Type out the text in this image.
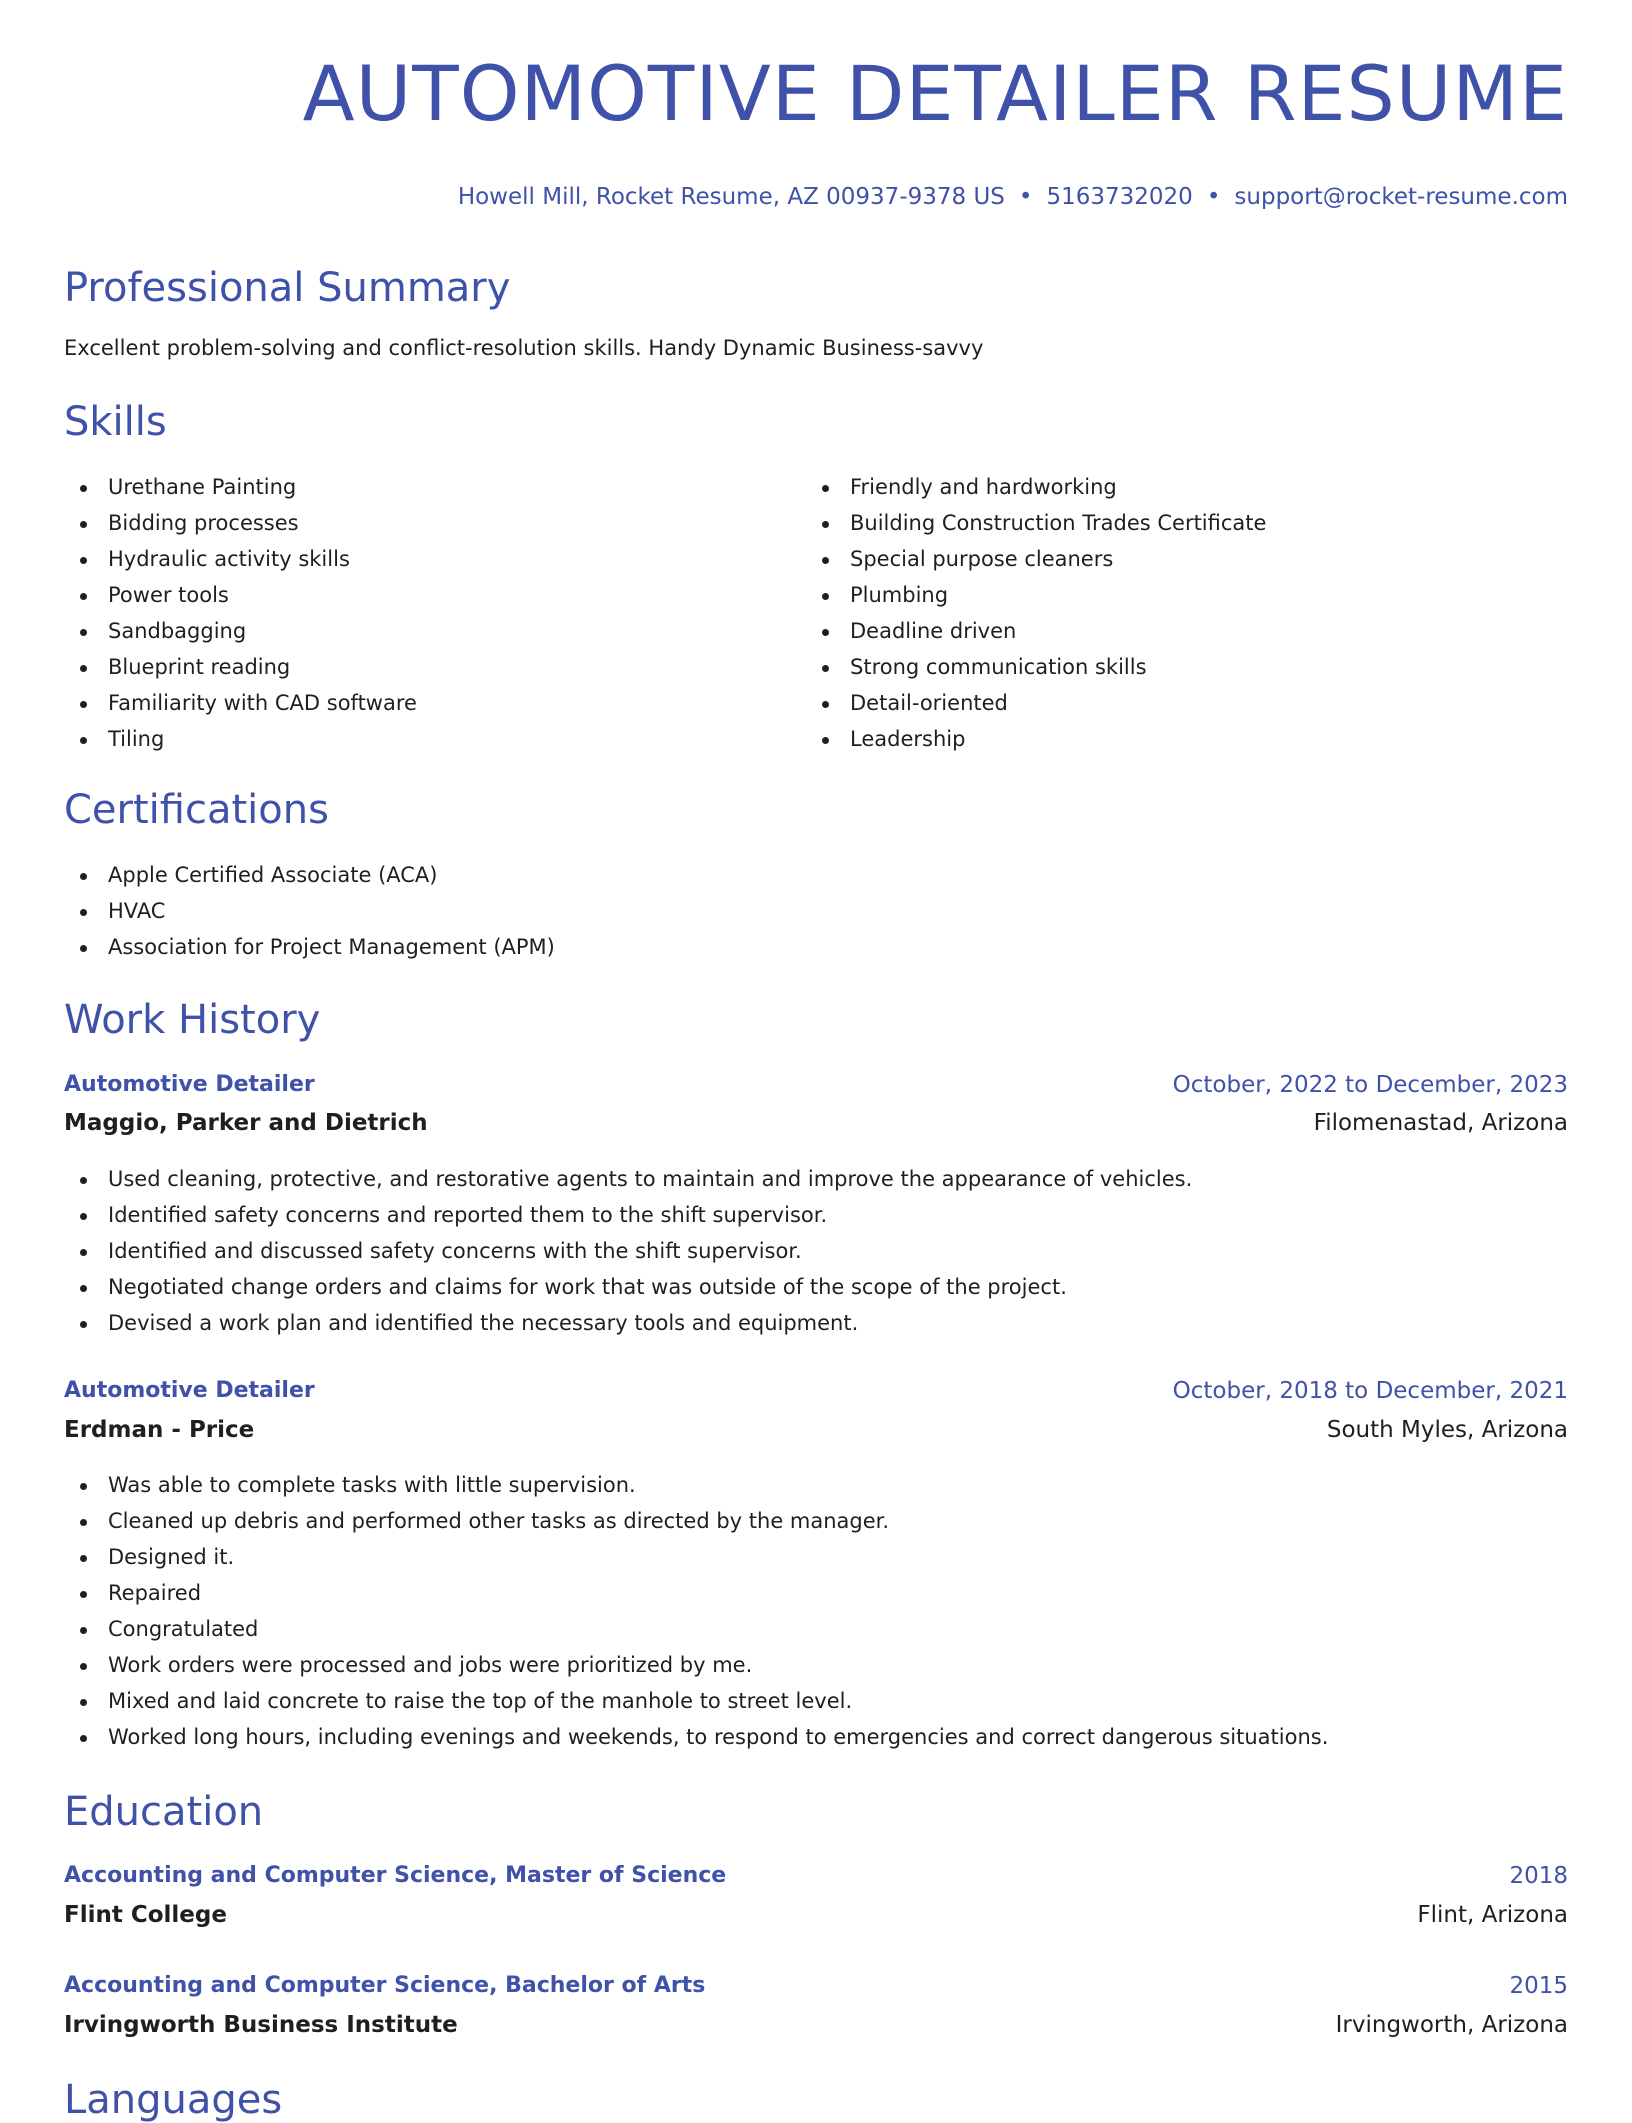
AUTOMOTIVE DETAILER RESUME
Howell Mill, Rocket Resume, AZ 00937-9378 US • 5163732020 • support@rocket-resume.com
Professional Summary
Excellent problem-solving and conflict-resolution skills. Handy Dynamic Business-savvy
Skills
Urethane Painting
Bidding processes
Hydraulic activity skills
Power tools
Sandbagging
Blueprint reading
Familiarity with CAD software
Tiling
Friendly and hardworking
Building Construction Trades Certificate
Special purpose cleaners
Plumbing
Deadline driven
Strong communication skills
Detail-oriented
Leadership
Certifications
Apple Certified Associate (ACA)
HVAC
Association for Project Management (APM)
Work History
Automotive Detailer	October, 2022 to December, 2023
Maggio, Parker and Dietrich	Filomenastad, Arizona
Used cleaning, protective, and restorative agents to maintain and improve the appearance of vehicles.
Identified safety concerns and reported them to the shift supervisor.
Identified and discussed safety concerns with the shift supervisor.
Negotiated change orders and claims for work that was outside of the scope of the project.
Devised a work plan and identified the necessary tools and equipment.
Automotive Detailer	October, 2018 to December, 2021
Erdman - Price	South Myles, Arizona
Was able to complete tasks with little supervision.
Cleaned up debris and performed other tasks as directed by the manager.
Designed it.
Repaired
Congratulated
Work orders were processed and jobs were prioritized by me.
Mixed and laid concrete to raise the top of the manhole to street level.
Worked long hours, including evenings and weekends, to respond to emergencies and correct dangerous situations.
Education
Accounting and Computer Science, Master of Science	2018
Flint College	Flint, Arizona
Accounting and Computer Science, Bachelor of Arts	2015
Irvingworth Business Institute	Irvingworth, Arizona
Languages
